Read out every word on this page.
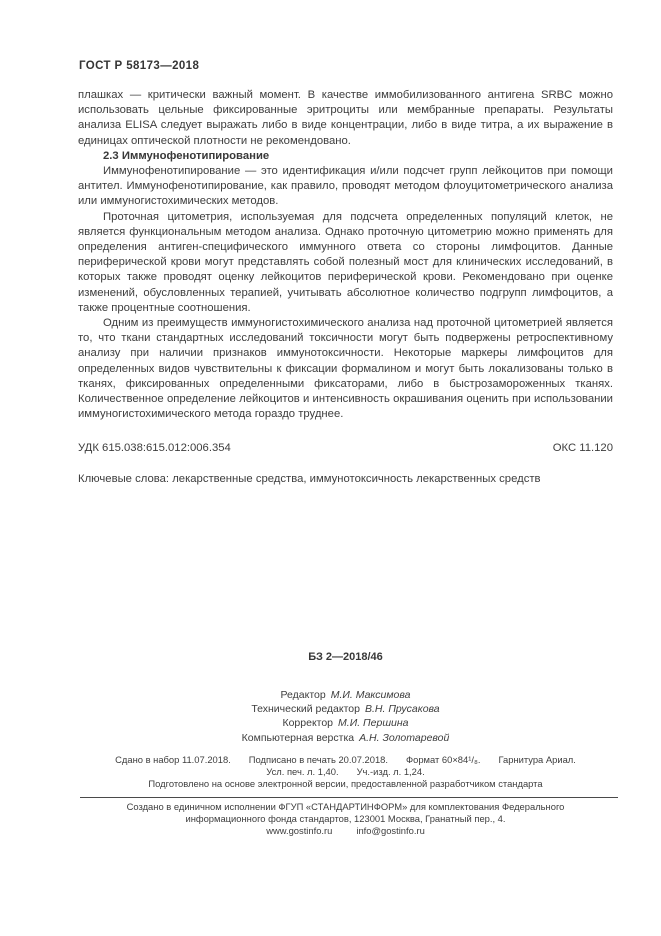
ГОСТ Р 58173—2018

плашках — критически важный момент. В качестве иммобилизованного антигена SRBC можно использовать цельные фиксированные эритроциты или мембранные препараты. Результаты анализа ELISA следует выражать либо в виде концентрации, либо в виде титра, а их выражение в единицах оптической плотности не рекомендовано.

2.3 Иммунофенотипирование

Иммунофенотипирование — это идентификация и/или подсчет групп лейкоцитов при помощи антител. Иммунофенотипирование, как правило, проводят методом флоуцитометрического анализа или иммуногистохимических методов.

Проточная цитометрия, используемая для подсчета определенных популяций клеток, не является функциональным методом анализа. Однако проточную цитометрию можно применять для определения антиген-специфического иммунного ответа со стороны лимфоцитов. Данные периферической крови могут представлять собой полезный мост для клинических исследований, в которых также проводят оценку лейкоцитов периферической крови. Рекомендовано при оценке изменений, обусловленных терапией, учитывать абсолютное количество подгрупп лимфоцитов, а также процентные соотношения.

Одним из преимуществ иммуногистохимического анализа над проточной цитометрией является то, что ткани стандартных исследований токсичности могут быть подвержены ретроспективному анализу при наличии признаков иммунотоксичности. Некоторые маркеры лимфоцитов для определенных видов чувствительны к фиксации формалином и могут быть локализованы только в тканях, фиксированных определенными фиксаторами, либо в быстрозамороженных тканях. Количественное определение лейкоцитов и интенсивность окрашивания оценить при использовании иммуногистохимического метода гораздо труднее.

УДК 615.038:615.012:006.354	ОКС 11.120
Ключевые слова: лекарственные средства, иммунотоксичность лекарственных средств
БЗ 2—2018/46
Редактор М.И. Максимова
Технический редактор В.Н. Прусакова
Корректор М.И. Першина
Компьютерная верстка А.Н. Золотаревой
Сдано в набор 11.07.2018. Подписано в печать 20.07.2018. Формат 60×84¹/₈. Гарнитура Ариал.
Усл. печ. л. 1,40. Уч.-изд. л. 1,24.
Подготовлено на основе электронной версии, предоставленной разработчиком стандарта
Создано в единичном исполнении ФГУП «СТАНДАРТИНФОРМ» для комплектования Федерального
информационного фонда стандартов, 123001 Москва, Гранатный пер., 4.
www.gostinfo.ru	info@gostinfo.ru
